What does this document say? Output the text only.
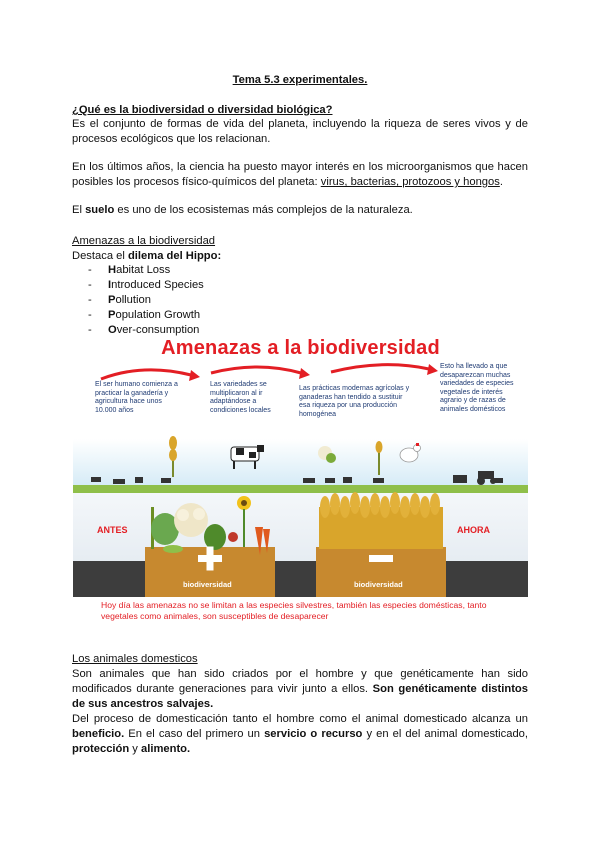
Tema 5.3 experimentales.
¿Qué es la biodiversidad o diversidad biológica?
Es el conjunto de formas de vida del planeta, incluyendo la riqueza de seres vivos y de procesos ecológicos que los relacionan.
En los últimos años, la ciencia ha puesto mayor interés en los microorganismos que hacen posibles los procesos físico-químicos del planeta: virus, bacterias, protozoos y hongos.
El suelo es uno de los ecosistemas más complejos de la naturaleza.
Amenazas a la biodiversidad
Destaca el dilema del Hippo:
- Habitat Loss
- Introduced Species
- Pollution
- Population Growth
- Over-consumption
Amenazas a la biodiversidad
El ser humano comienza a
practicar la ganadería y
agricultura hace unos
10.000 años
Las variedades se
multiplicaron al ir
adaptándose a
condiciones locales
Las prácticas modernas agrícolas y
ganaderas han tendido a sustituir
esa riqueza por una producción
homogénea
Esto ha llevado a que
desaparezcan muchas
variedades de especies
vegetales de interés
agrario y de razas de
animales domésticos
ANTES	AHORA
biodiversidad	biodiversidad
Hoy día las amenazas no se limitan a las especies silvestres, también las especies domésticas, tanto vegetales como animales, son susceptibles de desaparecer
Los animales domesticos
Son animales que han sido criados por el hombre y que genéticamente han sido modificados durante generaciones para vivir junto a ellos. Son genéticamente distintos de sus ancestros salvajes.
Del proceso de domesticación tanto el hombre como el animal domesticado alcanza un beneficio. En el caso del primero un servicio o recurso y en el del animal domesticado, protección y alimento.
